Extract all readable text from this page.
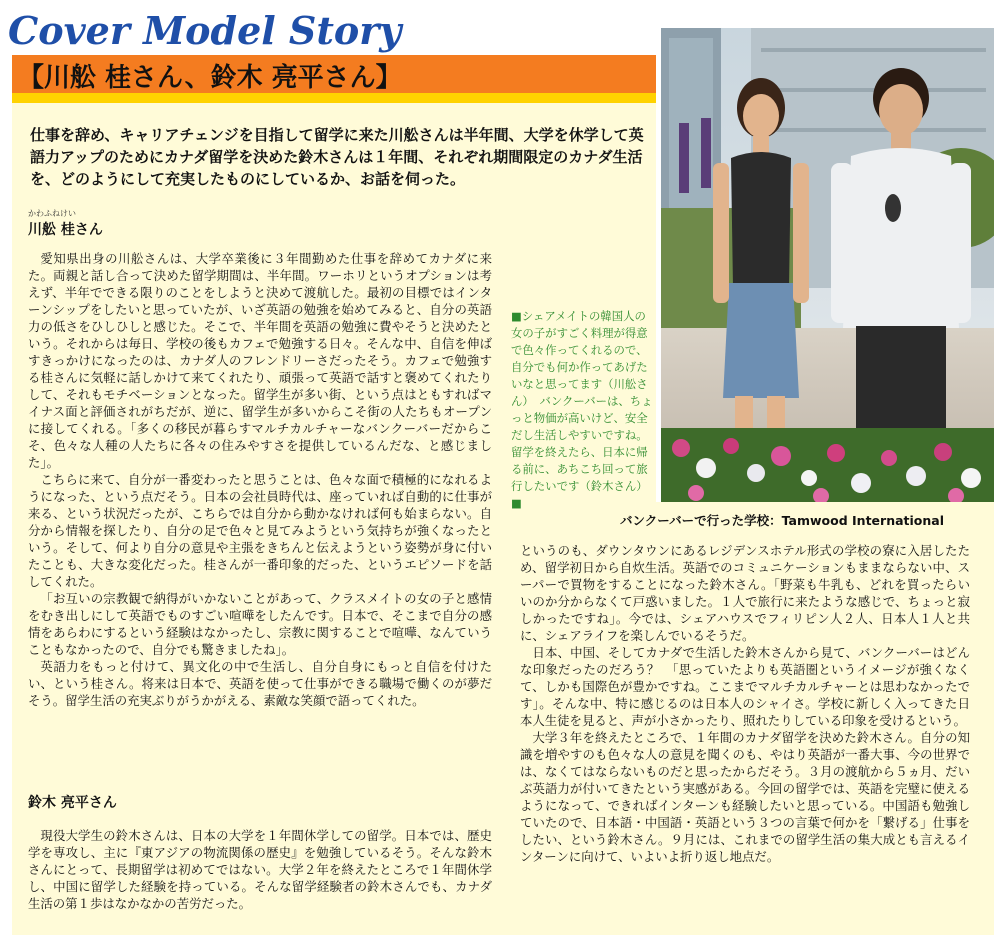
Cover Model Story
【川舩 桂さん、鈴木 亮平さん】
仕事を辞め、キャリアチェンジを目指して留学に来た川舩さんは半年間、大学を休学して英語力アップのためにカナダ留学を決めた鈴木さんは１年間、それぞれ期間限定のカナダ生活を、どのようにして充実したものにしているか、お話を伺った。
かわふねけい
川舩 桂さん

愛知県出身の川舩さんは、大学卒業後に３年間勤めた仕事を辞めてカナダに来た。両親と話し合って決めた留学期間は、半年間。ワーホリというオプションは考えず、半年でできる限りのことをしようと決めて渡航した。最初の目標ではインターンシップをしたいと思っていたが、いざ英語の勉強を始めてみると、自分の英語力の低さをひしひしと感じた。そこで、半年間を英語の勉強に費やそうと決めたという。それからは毎日、学校の後もカフェで勉強する日々。そんな中、自信を伸ばすきっかけになったのは、カナダ人のフレンドリーさだったそう。カフェで勉強する桂さんに気軽に話しかけて来てくれたり、頑張って英語で話すと褒めてくれたりして、それもモチベーションとなった。留学生が多い街、という点はともすればマイナス面と評価されがちだが、逆に、留学生が多いからこそ街の人たちもオープンに接してくれる。「多くの移民が暮らすマルチカルチャーなバンクーバーだからこそ、色々な人種の人たちに各々の住みやすさを提供しているんだな、と感じました」。

こちらに来て、自分が一番変わったと思うことは、色々な面で積極的になれるようになった、という点だそう。日本の会社員時代は、座っていれば自動的に仕事が来る、という状況だったが、こちらでは自分から動かなければ何も始まらない。自分から情報を探したり、自分の足で色々と見てみようという気持ちが強くなったという。そして、何より自分の意見や主張をきちんと伝えようという姿勢が身に付いたことも、大きな変化だった。桂さんが一番印象的だった、というエピソードを話してくれた。

「お互いの宗教観で納得がいかないことがあって、クラスメイトの女の子と感情をむき出しにして英語でものすごい喧嘩をしたんです。日本で、そこまで自分の感情をあらわにするという経験はなかったし、宗教に関することで喧嘩、なんていうこともなかったので、自分でも驚きましたね」。

英語力をもっと付けて、異文化の中で生活し、自分自身にもっと自信を付けたい、という桂さん。将来は日本で、英語を使って仕事ができる職場で働くのが夢だそう。留学生活の充実ぶりがうかがえる、素敵な笑顔で語ってくれた。

鈴木 亮平さん

現役大学生の鈴木さんは、日本の大学を１年間休学しての留学。日本では、歴史学を専攻し、主に『東アジアの物流関係の歴史』を勉強しているそう。そんな鈴木さんにとって、長期留学は初めてではない。大学２年を終えたところで１年間休学し、中国に留学した経験を持っている。そんな留学経験者の鈴木さんでも、カナダ生活の第１歩はなかなかの苦労だった。

■シェアメイトの韓国人の女の子がすごく料理が得意で色々作ってくれるので、自分でも何か作ってあげたいなと思ってます（川舩さん）　バンクーバーは、ちょっと物価が高いけど、安全だし生活しやすいですね。留学を終えたら、日本に帰る前に、あちこち回って旅行したいです（鈴木さん）■
バンクーバーで行った学校：Tamwood International

というのも、ダウンタウンにあるレジデンスホテル形式の学校の寮に入居したため、留学初日から自炊生活。英語でのコミュニケーションもままならない中、スーパーで買物をすることになった鈴木さん。「野菜も牛乳も、どれを買ったらいいのか分からなくて戸惑いました。１人で旅行に来たような感じで、ちょっと寂しかったですね」。今では、シェアハウスでフィリピン人２人、日本人１人と共に、シェアライフを楽しんでいるそうだ。

日本、中国、そしてカナダで生活した鈴木さんから見て、バンクーバーはどんな印象だったのだろう？　「思っていたよりも英語圏というイメージが強くなくて、しかも国際色が豊かですね。ここまでマルチカルチャーとは思わなかったです」。そんな中、特に感じるのは日本人のシャイさ。学校に新しく入ってきた日本人生徒を見ると、声が小さかったり、照れたりしている印象を受けるという。

大学３年を終えたところで、１年間のカナダ留学を決めた鈴木さん。自分の知識を増やすのも色々な人の意見を聞くのも、やはり英語が一番大事、今の世界では、なくてはならないものだと思ったからだそう。３月の渡航から５ヵ月、だいぶ英語力が付いてきたという実感がある。今回の留学では、英語を完璧に使えるようになって、できればインターンも経験したいと思っている。中国語も勉強していたので、日本語・中国語・英語という３つの言葉で何かを「繋げる」仕事をしたい、という鈴木さん。９月には、これまでの留学生活の集大成とも言えるインターンに向けて、いよいよ折り返し地点だ。
